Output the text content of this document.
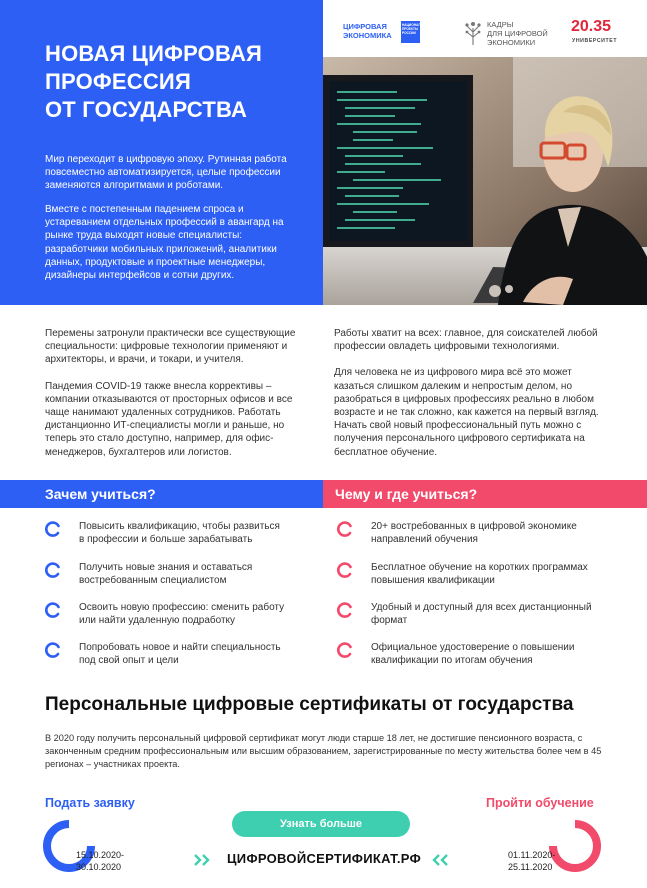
НОВАЯ ЦИФРОВАЯ
ПРОФЕССИЯ
ОТ ГОСУДАРСТВА

Мир переходит в цифровую эпоху. Рутинная работа повсеместно автоматизируется, целые профессии заменяются алгоритмами и роботами.

Вместе с постепенным падением спроса и устареванием отдельных профессий в авангард на рынке труда выходят новые специалисты: разработчики мобильных приложений, аналитики данных, продуктовые и проектные менеджеры, дизайнеры интерфейсов и сотни других.

ЦИФРОВАЯ
ЭКОНОМИКА
НАЦИОНАЛЬНЫЕ
ПРОЕКТЫ
РОССИИ
КАДРЫ
ДЛЯ ЦИФРОВОЙ
ЭКОНОМИКИ
20.35
УНИВЕРСИТЕТ

Перемены затронули практически все существующие специальности: цифровые технологии применяют и архитекторы, и врачи, и токари, и учителя.

Пандемия COVID-19 также внесла коррективы – компании отказываются от просторных офисов и все чаще нанимают удаленных сотрудников. Работать дистанционно ИТ-специалисты могли и раньше, но теперь это стало доступно, например, для офис-менеджеров, бухгалтеров или логистов.

Работы хватит на всех: главное, для соискателей любой профессии овладеть цифровыми технологиями.

Для человека не из цифрового мира всё это может казаться слишком далеким и непростым делом, но разобраться в цифровых профессиях реально в любом возрасте и не так сложно, как кажется на первый взгляд. Начать свой новый профессиональный путь можно с получения персонального цифрового сертификата на бесплатное обучение.

Зачем учиться?	Чему и где учиться?
Повысить квалификацию, чтобы развиться в профессии и больше зарабатывать
Получить новые знания и оставаться востребованным специалистом
Освоить новую профессию: сменить работу или найти удаленную подработку
Попробовать новое и найти специальность под свой опыт и цели
20+ востребованных в цифровой экономике направлений обучения
Бесплатное обучение на коротких программах повышения квалификации
Удобный и доступный для всех дистанционный формат
Официальное удостоверение о повышении квалификации по итогам обучения
Персональные цифровые сертификаты от государства

В 2020 году получить персональный цифровой сертификат могут люди старше 18 лет, не достигшие пенсионного возраста, с законченным средним профессиональным или высшим образованием, зарегистрированные по месту жительства более чем в 45 регионах – участниках проекта.

Подать заявку
15.10.2020-
30.10.2020
Пройти обучение
01.11.2020-
25.11.2020
Узнать больше
ЦИФРОВОЙСЕРТИФИКАТ.РФ
